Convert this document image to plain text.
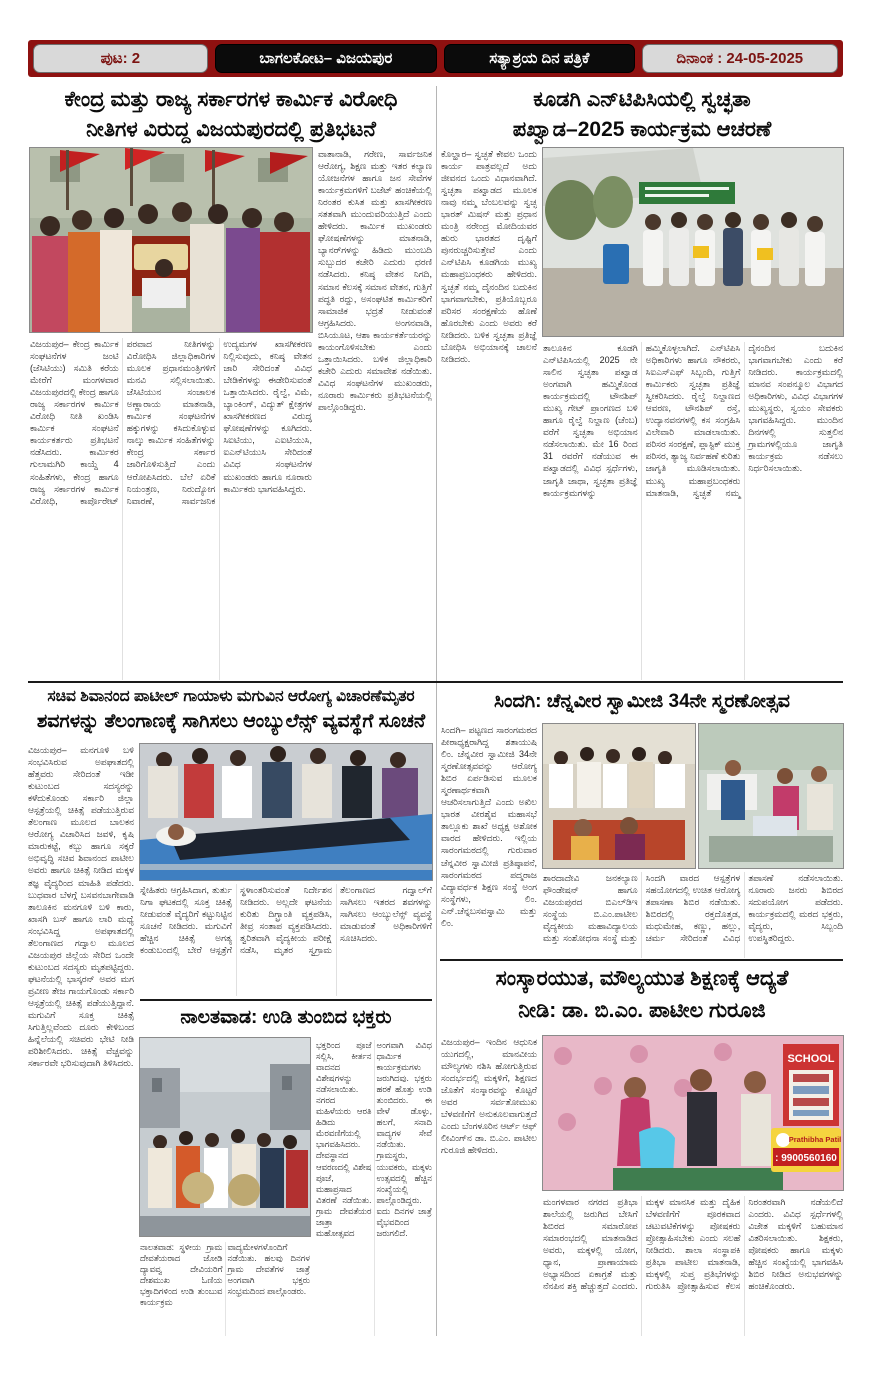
ಪುಟ: 2	ಬಾಗಲಕೋಟ– ವಿಜಯಪುರ	ಸತ್ಯಾಶ್ರಯ ದಿನ ಪತ್ರಿಕೆ	ದಿನಾಂಕ : 24-05-2025
ಕೇಂದ್ರ ಮತ್ತು ರಾಜ್ಯ ಸರ್ಕಾರಗಳ ಕಾರ್ಮಿಕ ವಿರೋಧಿ
ನೀತಿಗಳ ವಿರುದ್ದ ವಿಜಯಪುರದಲ್ಲಿ ಪ್ರತಿಭಟನೆ
ವಾತಾನಾಡಿ, ಗರೇಣ, ಸಾರ್ವಜನಿಕ ಆರೋಗ್ಯ, ಶಿಕ್ಷಣ ಮತ್ತು ಇತರ ಕಲ್ಯಾಣ ಯೋಜನೆಗಳ ಹಾಗೂ ಜನ ಸೇವೆಗಳ ಕಾರ್ಯಕ್ರಮಗಳಿಗೆ ಬಜೆಟ್ ಹಂಚಿಕೆಯಲ್ಲಿ ನಿರಂತರ ಕುಸಿತ ಮತ್ತು ಖಾಸಗೀಕರಣ ಸತತವಾಗಿ ಮುಂದುವರಿಯುತ್ತಿದೆ ಎಂದು ಹೇಳಿದರು. ಕಾರ್ಮಿಕ ಮುಖಂಡರು ಘೋಷಣೆಗಳನ್ನು ಮಾತನಾಡಿ, ಬ್ಯಾನರ್‌ಗಳನ್ನು ಹಿಡಿದು ಮುಂಬದಿ ಸುಬ್ಬುದರ ಕಚೇರಿ ಎದುರು ಧರಣಿ ನಡೆಸಿದರು. ಕನಿಷ್ಠ ವೇತನ ನಿಗದಿ, ಸಮಾನ ಕೆಲಸಕ್ಕೆ ಸಮಾನ ವೇತನ, ಗುತ್ತಿಗೆ ಪದ್ಧತಿ ರದ್ದು, ಅಸಂಘಟಿತ ಕಾರ್ಮಿಕರಿಗೆ ಸಾಮಾಜಿಕ ಭದ್ರತೆ ನೀಡುವಂತೆ ಆಗ್ರಹಿಸಿದರು. ಅಂಗನವಾಡಿ, ಬಿಸಿಯೂಟ, ಆಶಾ ಕಾರ್ಯಕರ್ತೆಯರನ್ನು ಕಾಯಂಗೊಳಿಸಬೇಕು ಎಂದು ಒತ್ತಾಯಿಸಿದರು. ಬಳಿಕ ಜಿಲ್ಲಾಧಿಕಾರಿ ಕಚೇರಿ ಎದುರು ಸಮಾವೇಶ ನಡೆಯಿತು. ವಿವಿಧ ಸಂಘಟನೆಗಳ ಮುಖಂಡರು, ನೂರಾರು ಕಾರ್ಮಿಕರು ಪ್ರತಿಭಟನೆಯಲ್ಲಿ ಪಾಲ್ಗೊಂಡಿದ್ದರು.
ವಿಜಯಪುರ– ಕೇಂದ್ರ ಕಾರ್ಮಿಕ ಸಂಘಟನೆಗಳ ಜಂಟಿ (ಜೆಸಿಟಿಯು) ಸಮಿತಿ ಕರೆಯ ಮೇರೆಗೆ ಮಂಗಳವಾರ ವಿಜಯಪುರದಲ್ಲಿ ಕೇಂದ್ರ ಹಾಗೂ ರಾಜ್ಯ ಸರ್ಕಾರಗಳ ಕಾರ್ಮಿಕ ವಿರೋಧಿ ನೀತಿ ಖಂಡಿಸಿ ಕಾರ್ಮಿಕ ಸಂಘಟನೆ ಕಾರ್ಯಕರ್ತರು ಪ್ರತಿಭಟನೆ ನಡೆಸಿದರು. ಕಾರ್ಮಿಕರ ಗುಲಾಮಗಿರಿ ಕಾಯ್ದೆ 4 ಸಂಹಿತೆಗಳು, ಕೇಂದ್ರ ಹಾಗೂ ರಾಜ್ಯ ಸರ್ಕಾರಗಳ ಕಾರ್ಮಿಕ ವಿರೋಧಿ, ಕಾರ್ಪೊರೇಟ್ ಪರವಾದ ನೀತಿಗಳನ್ನು ವಿರೋಧಿಸಿ ಜಿಲ್ಲಾಧಿಕಾರಿಗಳ ಮೂಲಕ ಪ್ರಧಾನಮಂತ್ರಿಗಳಿಗೆ ಮನವಿ ಸಲ್ಲಿಸಲಾಯಿತು. ಜೆಸಿಟಿಯುನ ಸಂಚಾಲಕ ಅಣ್ಣಾರಾಯ ಮಾತನಾಡಿ, ಕಾರ್ಮಿಕ ಸಂಘಟನೆಗಳ ಹಕ್ಕುಗಳನ್ನು ಕಸಿದುಕೊಳ್ಳುವ ನಾಲ್ಕು ಕಾರ್ಮಿಕ ಸಂಹಿತೆಗಳನ್ನು ಕೇಂದ್ರ ಸರ್ಕಾರ ಜಾರಿಗೊಳಿಸುತ್ತಿದೆ ಎಂದು ಆರೋಪಿಸಿದರು. ಬೆಲೆ ಏರಿಕೆ ನಿಯಂತ್ರಣ, ನಿರುದ್ಯೋಗ ನಿವಾರಣೆ, ಸಾರ್ವಜನಿಕ ಉದ್ಯಮಗಳ ಖಾಸಗೀಕರಣ ನಿಲ್ಲಿಸುವುದು, ಕನಿಷ್ಠ ವೇತನ ಜಾರಿ ಸೇರಿದಂತೆ ವಿವಿಧ ಬೇಡಿಕೆಗಳನ್ನು ಈಡೇರಿಸುವಂತೆ ಒತ್ತಾಯಿಸಿದರು. ರೈಲ್ವೆ, ವಿಮೆ, ಬ್ಯಾಂಕಿಂಗ್, ವಿದ್ಯುತ್ ಕ್ಷೇತ್ರಗಳ ಖಾಸಗೀಕರಣದ ವಿರುದ್ಧ ಘೋಷಣೆಗಳನ್ನು ಕೂಗಿದರು. ಸಿಐಟಿಯು, ಎಐಟಿಯುಸಿ, ಐಎನ್‌ಟಿಯುಸಿ ಸೇರಿದಂತೆ ವಿವಿಧ ಸಂಘಟನೆಗಳ ಮುಖಂಡರು ಹಾಗೂ ನೂರಾರು ಕಾರ್ಮಿಕರು ಭಾಗವಹಿಸಿದ್ದರು.
ಕೂಡಗಿ ಎನ್‌ಟಿಪಿಸಿಯಲ್ಲಿ ಸ್ವಚ್ಛತಾ
ಪಖ್ವಾಡ–2025 ಕಾರ್ಯಕ್ರಮ ಆಚರಣೆ
ಕೊಲ್ಹಾರ– ಸ್ವಚ್ಛತೆ ಕೇವಲ ಒಂದು ಕಾರ್ಯ ಪಾತ್ರವಲ್ಲದೆ ಅದು ಜೀವನದ ಒಂದು ವಿಧಾನವಾಗಿದೆ. ಸ್ವಚ್ಛತಾ ಪಖ್ವಾಡದ ಮೂಲಕ ನಾವು ನಮ್ಮ ಬೆಂಬಲವನ್ನು ಸ್ವಚ್ಛ ಭಾರತ್ ಮಿಷನ್ ಮತ್ತು ಪ್ರಧಾನ ಮಂತ್ರಿ ನರೇಂದ್ರ ಮೋದಿಯವರ ಹುರು ಭಾರತದ ದೃಷ್ಟಿಗೆ ಪುನರುಚ್ಚರಿಸುತ್ತೇವೆ ಎಂದು ಎನ್‌ಟಿಪಿಸಿ ಕೂಡಗಿಯ ಮುಖ್ಯ ಮಹಾಪ್ರಬಂಧಕರು ಹೇಳಿದರು. ಸ್ವಚ್ಛತೆ ನಮ್ಮ ದೈನಂದಿನ ಬದುಕಿನ ಭಾಗವಾಗಬೇಕು, ಪ್ರತಿಯೊಬ್ಬರೂ ಪರಿಸರ ಸಂರಕ್ಷಣೆಯ ಹೊಣೆ ಹೊರಬೇಕು ಎಂದು ಅವರು ಕರೆ ನೀಡಿದರು. ಬಳಿಕ ಸ್ವಚ್ಛತಾ ಪ್ರತಿಜ್ಞೆ ಬೋಧಿಸಿ ಅಭಿಯಾನಕ್ಕೆ ಚಾಲನೆ ನೀಡಿದರು.
ತಾಲೂಕಿನ ಕೂಡಗಿ ಎನ್‌ಟಿಪಿಸಿಯಲ್ಲಿ 2025 ನೇ ಸಾಲಿನ ಸ್ವಚ್ಛತಾ ಪಖ್ವಾಡ ಅಂಗವಾಗಿ ಹಮ್ಮಿಕೊಂಡ ಕಾರ್ಯಕ್ರಮದಲ್ಲಿ ಟೌನಶಿಪ್ ಮುಖ್ಯ ಗೇಟ್ ಪ್ರಾಂಗಣದ ಬಳಿ ಹಾಗೂ ರೈಲ್ವೆ ನಿಲ್ದಾಣ (ಚೆಂಬ) ವರೆಗೆ ಸ್ವಚ್ಛತಾ ಅಭಿಯಾನ ನಡೆಸಲಾಯಿತು. ಮೇ 16 ರಿಂದ 31 ರವರೆಗೆ ನಡೆಯುವ ಈ ಪಖ್ವಾಡದಲ್ಲಿ ವಿವಿಧ ಸ್ಪರ್ಧೆಗಳು, ಜಾಗೃತಿ ಜಾಥಾ, ಸ್ವಚ್ಛತಾ ಪ್ರತಿಜ್ಞೆ ಕಾರ್ಯಕ್ರಮಗಳನ್ನು ಹಮ್ಮಿಕೊಳ್ಳಲಾಗಿದೆ. ಎನ್‌ಟಿಪಿಸಿ ಅಧಿಕಾರಿಗಳು ಹಾಗೂ ನೌಕರರು, ಸಿಐಎಸ್ಎಫ್ ಸಿಬ್ಬಂದಿ, ಗುತ್ತಿಗೆ ಕಾರ್ಮಿಕರು ಸ್ವಚ್ಛತಾ ಪ್ರತಿಜ್ಞೆ ಸ್ವೀಕರಿಸಿದರು. ರೈಲ್ವೆ ನಿಲ್ದಾಣದ ಆವರಣ, ಟೌನಶಿಪ್ ರಸ್ತೆ, ಉದ್ಯಾನವನಗಳಲ್ಲಿ ಕಸ ಸಂಗ್ರಹಿಸಿ ವಿಲೇವಾರಿ ಮಾಡಲಾಯಿತು. ಪರಿಸರ ಸಂರಕ್ಷಣೆ, ಪ್ಲಾಸ್ಟಿಕ್ ಮುಕ್ತ ಪರಿಸರ, ತ್ಯಾಜ್ಯ ನಿರ್ವಹಣೆ ಕುರಿತು ಜಾಗೃತಿ ಮೂಡಿಸಲಾಯಿತು. ಮುಖ್ಯ ಮಹಾಪ್ರಬಂಧಕರು ಮಾತನಾಡಿ, ಸ್ವಚ್ಛತೆ ನಮ್ಮ ದೈನಂದಿನ ಬದುಕಿನ ಭಾಗವಾಗಬೇಕು ಎಂದು ಕರೆ ನೀಡಿದರು. ಕಾರ್ಯಕ್ರಮದಲ್ಲಿ ಮಾನವ ಸಂಪನ್ಮೂಲ ವಿಭಾಗದ ಅಧಿಕಾರಿಗಳು, ವಿವಿಧ ವಿಭಾಗಗಳ ಮುಖ್ಯಸ್ಥರು, ಸ್ವಯಂ ಸೇವಕರು ಭಾಗವಹಿಸಿದ್ದರು. ಮುಂದಿನ ದಿನಗಳಲ್ಲಿ ಸುತ್ತಲಿನ ಗ್ರಾಮಗಳಲ್ಲಿಯೂ ಜಾಗೃತಿ ಕಾರ್ಯಕ್ರಮ ನಡೆಸಲು ನಿರ್ಧರಿಸಲಾಯಿತು.
ಸಚಿವ ಶಿವಾನಂದ ಪಾಟೀಲ್ ಗಾಯಾಳು ಮಗುವಿನ ಆರೋಗ್ಯ ವಿಚಾರಣೆಮೃತರ
ಶವಗಳನ್ನು ತೆಲಂಗಾಣಕ್ಕೆ ಸಾಗಿಸಲು ಆಂಬ್ಯುಲೆನ್ಸ್ ವ್ಯವಸ್ಥೆಗೆ ಸೂಚನೆ
ವಿಜಯಪುರ– ಮನಗೂಳಿ ಬಳಿ ಸಂಭವಿಸಿರುವ ಅಪಘಾತದಲ್ಲಿ ಹೆತ್ತವರು ಸೇರಿದಂತೆ ಇಡೀ ಕುಟುಂಬದ ಸದಸ್ಯರನ್ನು ಕಳೆದುಕೊಂಡು ಸರ್ಕಾರಿ ಜಿಲ್ಲಾ ಆಸ್ಪತ್ರೆಯಲ್ಲಿ ಚಿಕಿತ್ಸೆ ಪಡೆಯುತ್ತಿರುವ ತೆಲಂಗಾಣ ಮೂಲದ ಬಾಲಕನ ಆರೋಗ್ಯ ವಿಚಾರಿಸಿದ ಜವಳಿ, ಕೃಷಿ ಮಾರುಕಟ್ಟೆ, ಕಬ್ಬು ಹಾಗೂ ಸಕ್ಕರೆ ಅಭಿವೃದ್ಧಿ ಸಚಿವ ಶಿವಾನಂದ ಪಾಟೀಲ ಅವರು ಹಾಗೂ ಚಿಕಿತ್ಸೆ ನೀಡಿದ ಮಕ್ಕಳ ತಜ್ಞ ವೈದ್ಯರಿಂದ ಮಾಹಿತಿ ಪಡೆದರು. ಬುಧವಾರ ಬೆಳಗ್ಗೆ ಬಸವನಬಾಗೇವಾಡಿ ತಾಲೂಕಿನ ಮನಗೂಳಿ ಬಳಿ ಕಾರು, ಖಾಸಗಿ ಬಸ್ ಹಾಗೂ ಲಾರಿ ಮಧ್ಯೆ ಸಂಭವಿಸಿದ್ದ ಅಪಘಾತದಲ್ಲಿ ತೆಲಂಗಾಣದ ಗದ್ವಾಲ ಮೂಲದ ವಿಜಯಪುರ ಜಿಲ್ಲೆಯ ಸೇರಿದ ಒಂದೇ ಕುಟುಂಬದ ಸದಸ್ಯರು ಮೃತಪಟ್ಟಿದ್ದರು. ಘಟನೆಯಲ್ಲಿ ಭಾಸ್ಕರನ್ ಅವರ ಮಗ ಪ್ರವೀಣ ತೇಜ ಗಾಯಗೊಂಡು ಸರ್ಕಾರಿ ಆಸ್ಪತ್ರೆಯಲ್ಲಿ ಚಿಕಿತ್ಸೆ ಪಡೆಯುತ್ತಿದ್ದಾನೆ. ಮಗುವಿಗೆ ಸೂಕ್ತ ಚಿಕಿತ್ಸೆ ಸಿಗುತ್ತಿಲ್ಲವೆಂದು ದೂರು ಕೇಳಿಬಂದ ಹಿನ್ನೆಲೆಯಲ್ಲಿ ಸಚಿವರು ಭೇಟಿ ನೀಡಿ ಪರಿಶೀಲಿಸಿದರು. ಚಿಕಿತ್ಸೆ ವೆಚ್ಚವನ್ನು ಸರ್ಕಾರವೇ ಭರಿಸುವುದಾಗಿ ತಿಳಿಸಿದರು.
ಸ್ನೇಹಿತರು ಆಗ್ರಹಿಸಿದಾಗ, ತುರ್ತು ನಿಗಾ ಘಟಕದಲ್ಲಿ ಸೂಕ್ತ ಚಿಕಿತ್ಸೆ ನೀಡುವಂತೆ ವೈದ್ಯರಿಗೆ ಕಟ್ಟುನಿಟ್ಟಿನ ಸೂಚನೆ ನೀಡಿದರು. ಮಗುವಿಗೆ ಹೆಚ್ಚಿನ ಚಿಕಿತ್ಸೆ ಅಗತ್ಯ ಕಂಡುಬಂದಲ್ಲಿ ಬೇರೆ ಆಸ್ಪತ್ರೆಗೆ ಸ್ಥಳಾಂತರಿಸುವಂತೆ ನಿರ್ದೇಶನ ನೀಡಿದರು. ಅಲ್ಲದೇ ಘಟನೆಯ ಕುರಿತು ದಿಗ್ಭ್ರಾಂತಿ ವ್ಯಕ್ತಪಡಿಸಿ, ತೀವ್ರ ಸಂತಾಪ ವ್ಯಕ್ತಪಡಿಸಿದರು. ತ್ವರಿತವಾಗಿ ವೈದ್ಯಕೀಯ ಪರೀಕ್ಷೆ ನಡೆಸಿ, ಮೃತರ ಸ್ವಗ್ರಾಮ ತೆಲಂಗಾಣದ ಗದ್ವಾಲ್‌ಗೆ ಸಾಗಿಸಲು ಇತರದ ಶವಗಳನ್ನು ಸಾಗಿಸಲು ಆಂಬ್ಯುಲೆನ್ಸ್ ವ್ಯವಸ್ಥೆ ಮಾಡುವಂತೆ ಅಧಿಕಾರಿಗಳಿಗೆ ಸೂಚಿಸಿದರು.
ನಾಲತವಾಡ: ಉಡಿ ತುಂಬಿದ ಭಕ್ತರು
ಭಕ್ತರಿಂದ ಪೂಜೆ ಸಲ್ಲಿಸಿ, ಕೀರ್ತನ ವಾದನದ ವಿಶೇಷಗಳನ್ನು ನಡೆಸಲಾಯಿತು. ನಗರದ ಮಹಿಳೆಯರು ಆರತಿ ಹಿಡಿದು ಮೆರವಣಿಗೆಯಲ್ಲಿ ಭಾಗವಹಿಸಿದರು. ದೇವಸ್ಥಾನದ ಆವರಣದಲ್ಲಿ ವಿಶೇಷ ಪೂಜೆ, ಮಹಾಪ್ರಸಾದ ವಿತರಣೆ ನಡೆಯಿತು. ಗ್ರಾಮ ದೇವತೆಯರ ಜಾತ್ರಾ ಮಹೋತ್ಸವದ ಅಂಗವಾಗಿ ವಿವಿಧ ಧಾರ್ಮಿಕ ಕಾರ್ಯಕ್ರಮಗಳು ಜರುಗಿದವು. ಭಕ್ತರು ಹರಕೆ ಹೊತ್ತು ಉಡಿ ತುಂಬಿದರು. ಈ ವೇಳೆ ಡೊಳ್ಳು, ಹಲಗೆ, ಸನಾದಿ ವಾದ್ಯಗಳ ಸೇವೆ ನಡೆಯಿತು. ಗ್ರಾಮಸ್ಥರು, ಯುವಕರು, ಮಕ್ಕಳು ಉತ್ಸವದಲ್ಲಿ ಹೆಚ್ಚಿನ ಸಂಖ್ಯೆಯಲ್ಲಿ ಪಾಲ್ಗೊಂಡಿದ್ದರು. ಐದು ದಿನಗಳ ಜಾತ್ರೆ ವೈಭವದಿಂದ ಜರುಗಲಿದೆ.
ನಾಲತವಾಡ: ಸ್ಥಳೀಯ ಗ್ರಾಮ ದೇವತೆಯರಾದ ಜೋಡಿ ದ್ಯಾವವ್ವ ದೇವಿಯರಿಗೆ ದೇಶಮುಖ ಓಣಿಯ ಭಕ್ತಾದಿಗಳಿಂದ ಉಡಿ ತುಂಬುವ ಕಾರ್ಯಕ್ರಮ ವಾದ್ಯಮೇಳಗಳೊಂದಿಗೆ ನಡೆಯಿತು. ಹಲವು ದಿನಗಳ ಗ್ರಾಮ ದೇವತೆಗಳ ಜಾತ್ರೆ ಅಂಗವಾಗಿ ಭಕ್ತರು ಸಂಭ್ರಮದಿಂದ ಪಾಲ್ಗೊಂಡರು.
ಸಿಂದಗಿ: ಚೆನ್ನವೀರ ಸ್ವಾಮೀಜಿ 34ನೇ ಸ್ಮರಣೋತ್ಸವ
ಸಿಂದಗಿ– ಪಟ್ಟಣದ ಸಾರಂಗಮಠದ ಪೀಠಾಧ್ಯಕ್ಷರಾಗಿದ್ದ ಶತಾಯುಷಿ ಲಿಂ. ಚೆನ್ನವೀರ ಸ್ವಾಮೀಜಿ 34ನೇ ಸ್ಮರಣೋತ್ಸವವನ್ನು ಆರೋಗ್ಯ ಶಿಬಿರ ಏರ್ಪಡಿಸುವ ಮೂಲಕ ಸ್ಮರಣಾರ್ಥಕವಾಗಿ ಆಚರಿಸಲಾಗುತ್ತಿದೆ ಎಂದು ಅಖಿಲ ಭಾರತ ವೀರಶೈವ ಮಹಾಸಭೆ ತಾಲ್ಲೂಕು ಶಾಖೆ ಅಧ್ಯಕ್ಷ ಅಶೋಕ ವಾರದ ಹೇಳಿದರು. ಇಲ್ಲಿಯ ಸಾರಂಗಮಠದಲ್ಲಿ ಗುರುವಾರ ಚೆನ್ನವೀರ ಸ್ವಾಮೀಜಿ ಪ್ರತಿಷ್ಠಾಪನೆ, ಸಾರಂಗಮಠದ ಪದ್ಮರಾಜ ವಿದ್ಯಾವರ್ಧಕ ಶಿಕ್ಷಣ ಸಂಸ್ಥೆ ಅಂಗ ಸಂಸ್ಥೆಗಳು, ಲಿಂ. ಎನ್.ಚೆನ್ನಬಸವಸ್ವಾಮಿ ಮತ್ತು ಲಿಂ.
ಶಾರದಾದೇವಿ ಜನಕಲ್ಯಾಣ ಫೌಂಡೇಷನ್ ಹಾಗೂ ವಿಜಯಪುರದ ಬಿಎಲ್‌ಡಿಇ ಸಂಸ್ಥೆಯ ಬಿ.ಎಂ.ಪಾಟೀಲ ವೈದ್ಯಕೀಯ ಮಹಾವಿದ್ಯಾಲಯ ಮತ್ತು ಸಂಶೋಧನಾ ಸಂಸ್ಥೆ ಮತ್ತು ಸಿಂದಗಿ ವಾರದ ಆಸ್ಪತ್ರೆಗಳ ಸಹಯೋಗದಲ್ಲಿ ಉಚಿತ ಆರೋಗ್ಯ ತಪಾಸಣಾ ಶಿಬಿರ ನಡೆಯಿತು. ಶಿಬಿರದಲ್ಲಿ ರಕ್ತದೊತ್ತಡ, ಮಧುಮೇಹ, ಕಣ್ಣು, ಹಲ್ಲು, ಚರ್ಮ ಸೇರಿದಂತೆ ವಿವಿಧ ತಪಾಸಣೆ ನಡೆಸಲಾಯಿತು. ನೂರಾರು ಜನರು ಶಿಬಿರದ ಸದುಪಯೋಗ ಪಡೆದರು. ಕಾರ್ಯಕ್ರಮದಲ್ಲಿ ಮಠದ ಭಕ್ತರು, ವೈದ್ಯರು, ಸಿಬ್ಬಂದಿ ಉಪಸ್ಥಿತರಿದ್ದರು.
ಸಂಸ್ಕಾರಯುತ, ಮೌಲ್ಯಯುತ ಶಿಕ್ಷಣಕ್ಕೆ ಆದ್ಯತೆ
ನೀಡಿ: ಡಾ. ಬಿ.ಎಂ. ಪಾಟೀಲ ಗುರೂಜಿ
ವಿಜಯಪುರ– ಇಂದಿನ ಆಧುನಿಕ ಯುಗದಲ್ಲಿ, ಮಾನವೀಯ ಮೌಲ್ಯಗಳು ನಶಿಸಿ ಹೋಗುತ್ತಿರುವ ಸಂದರ್ಭದಲ್ಲಿ ಮಕ್ಕಳಿಗೆ, ಶಿಕ್ಷಣದ ಜೊತೆಗೆ ಸಂಸ್ಕಾರವನ್ನು ಕೊಟ್ಟರೆ ಅವರ ಸರ್ವತೋಮುಖ ಬೆಳವಣಿಗೆಗೆ ಅನುಕೂಲವಾಗುತ್ತದೆ ಎಂದು ಬೆಂಗಳೂರಿನ ಆರ್ಟ್ ಆಫ್ ಲೀವಿಂಗ್‌ನ ಡಾ. ಬಿ.ಎಂ. ಪಾಟೀಲ ಗುರೂಜಿ ಹೇಳಿದರು.
SCHOOL
Prathibha Patil
: 9900560160
ಮಂಗಳವಾರ ನಗರದ ಪ್ರತಿಭಾ ಶಾಲೆಯಲ್ಲಿ ಜರುಗಿದ ಬೇಸಿಗೆ ಶಿಬಿರದ ಸಮಾರೋಪ ಸಮಾರಂಭದಲ್ಲಿ ಮಾತನಾಡಿದ ಅವರು, ಮಕ್ಕಳಲ್ಲಿ ಯೋಗ, ಧ್ಯಾನ, ಪ್ರಾಣಾಯಾಮ ಅಭ್ಯಾಸದಿಂದ ಏಕಾಗ್ರತೆ ಮತ್ತು ನೆನಪಿನ ಶಕ್ತಿ ಹೆಚ್ಚುತ್ತದೆ ಎಂದರು. ಮಕ್ಕಳ ಮಾನಸಿಕ ಮತ್ತು ದೈಹಿಕ ಬೆಳವಣಿಗೆಗೆ ಪೂರಕವಾದ ಚಟುವಟಿಕೆಗಳನ್ನು ಪೋಷಕರು ಪ್ರೋತ್ಸಾಹಿಸಬೇಕು ಎಂದು ಸಲಹೆ ನೀಡಿದರು. ಶಾಲಾ ಸಂಸ್ಥಾಪಕಿ ಪ್ರತಿಭಾ ಪಾಟೀಲ ಮಾತನಾಡಿ, ಮಕ್ಕಳಲ್ಲಿ ಸುಪ್ತ ಪ್ರತಿಭೆಗಳನ್ನು ಗುರುತಿಸಿ ಪ್ರೋತ್ಸಾಹಿಸುವ ಕೆಲಸ ನಿರಂತರವಾಗಿ ನಡೆಯಲಿದೆ ಎಂದರು. ವಿವಿಧ ಸ್ಪರ್ಧೆಗಳಲ್ಲಿ ವಿಜೇತ ಮಕ್ಕಳಿಗೆ ಬಹುಮಾನ ವಿತರಿಸಲಾಯಿತು. ಶಿಕ್ಷಕರು, ಪೋಷಕರು ಹಾಗೂ ಮಕ್ಕಳು ಹೆಚ್ಚಿನ ಸಂಖ್ಯೆಯಲ್ಲಿ ಭಾಗವಹಿಸಿ ಶಿಬಿರ ನೀಡಿದ ಅನುಭವಗಳನ್ನು ಹಂಚಿಕೊಂಡರು.
